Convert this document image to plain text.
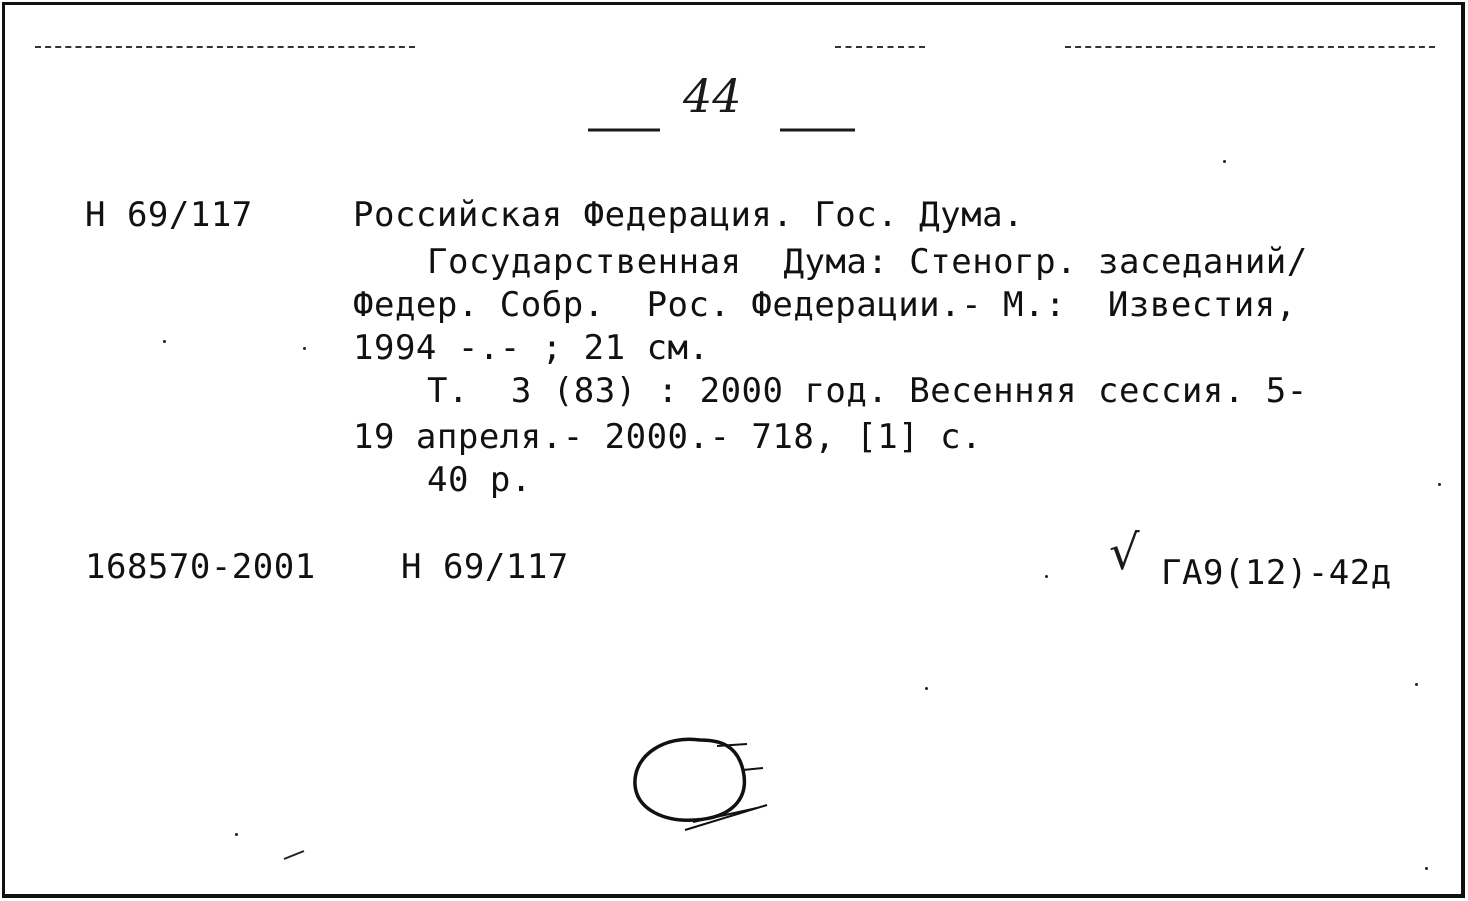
44
Н 69/117	Российская Федерация. Гос. Дума.
Государственная  Дума: Стеногр. заседаний/
Федер. Собр.  Рос. Федерации.- М.:  Известия,
1994 -.- ; 21 см.
Т.  3 (83) : 2000 год. Весенняя сессия. 5-
19 апреля.- 2000.- 718, [1] с.
40 р.
168570-2001	Н 69/117	√ ГА9(12)-42д
